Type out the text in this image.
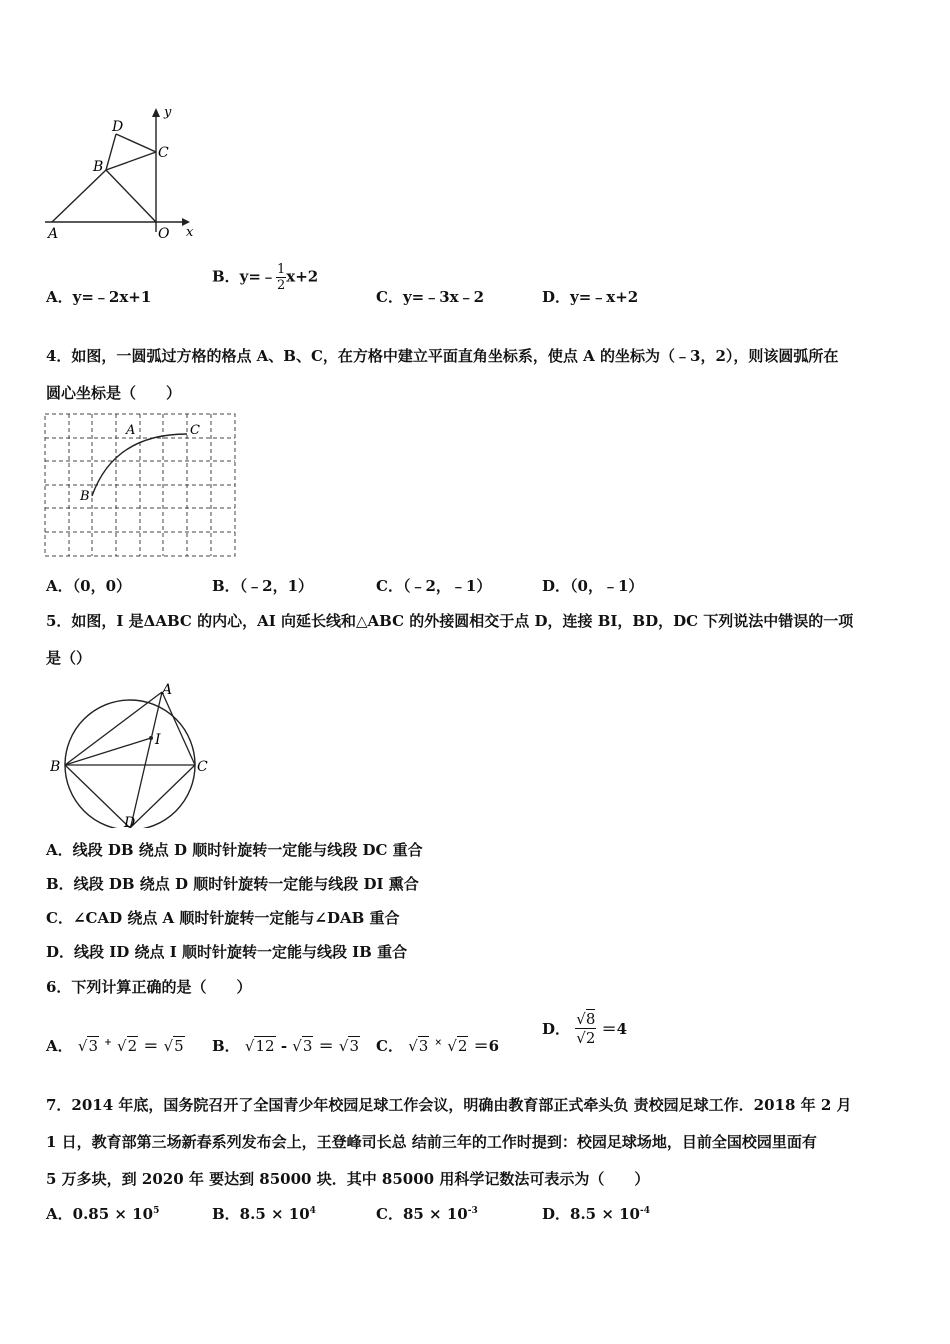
D
C
B
A	O x
y
A．y=﹣2x+1
B．y=﹣ $\frac{1}{2} x+2$
C．y=﹣3x﹣2	D．y=﹣x+2
4．如图，一圆弧过方格的格点 A、B、C，在方格中建立平面直角坐标系，使点 A 的坐标为（﹣3，2），则该圆弧所在
圆心坐标是（　　）
A	C
B
A．（0，0）	B．（﹣2，1）	C．（﹣2，﹣1）	D．（0，﹣1）
5．如图，I 是ΔABC 的内心，AI 向延长线和△ABC 的外接圆相交于点 D，连接 BI，BD，DC 下列说法中错误的一项
是（）
A
I
B	C
D
A．线段 DB 绕点 D 顺时针旋转一定能与线段 DC 重合
B．线段 DB 绕点 D 顺时针旋转一定能与线段 DI 熏合
C．∠CAD 绕点 A 顺时针旋转一定能与∠DAB 重合
D．线段 ID 绕点 I 顺时针旋转一定能与线段 IB 重合
6．下列计算正确的是（　　）
A． √3 + √2 ＝ √5 B． √12 - √3 ＝ √3 C． √3 × √2 ＝6
D． $\frac{√8}{√2} =4$
7．2014 年底，国务院召开了全国青少年校园足球工作会议，明确由教育部正式牵头负 责校园足球工作．2018 年 2 月
1 日，教育部第三场新春系列发布会上，王登峰司长总 结前三年的工作时提到：校园足球场地，目前全国校园里面有
5 万多块，到 2020 年 要达到 85000 块．其中 85000 用科学记数法可表示为（　　）
A．$0.85 \times 10^5$	B．$8.5 \times 10^4$	C．$85 \times 10^{-3}$	D．$8.5 \times 10^{-4}$
